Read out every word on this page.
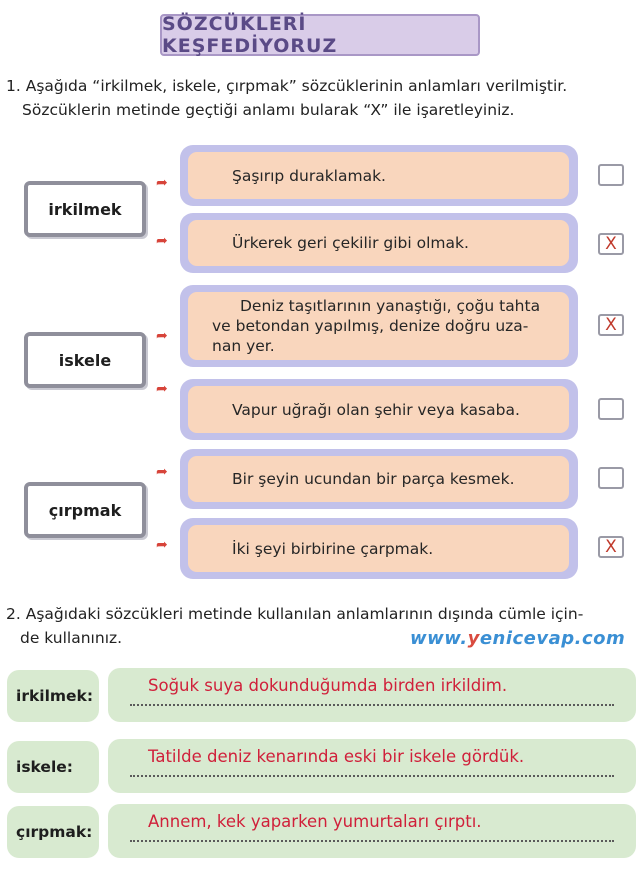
SÖZCÜKLERİ KEŞFEDİYORUZ
1. Aşağıda “irkilmek, iskele, çırpmak” sözcüklerinin anlamları verilmiştir.
Sözcüklerin metinde geçtiği anlamı bularak “X” ile işaretleyiniz.
irkilmek
➦	Şaşırıp duraklamak.
➦	Ürkerek geri çekilir gibi olmak.	X
iskele
➦
Deniz taşıtlarının yanaştığı, çoğu tahta
ve betondan yapılmış, denize doğru uza-
nan yer.
X
➦
Vapur uğrağı olan şehir veya kasaba.
çırpmak
➦	Bir şeyin ucundan bir parça kesmek.
➦	İki şeyi birbirine çarpmak.	X
2. Aşağıdaki sözcükleri metinde kullanılan anlamlarının dışında cümle için-
de kullanınız.	www.yenicevap.com
irkilmek:
Soğuk suya dokunduğumda birden irkildim.
iskele:
Tatilde deniz kenarında eski bir iskele gördük.
çırpmak:
Annem, kek yaparken yumurtaları çırptı.
